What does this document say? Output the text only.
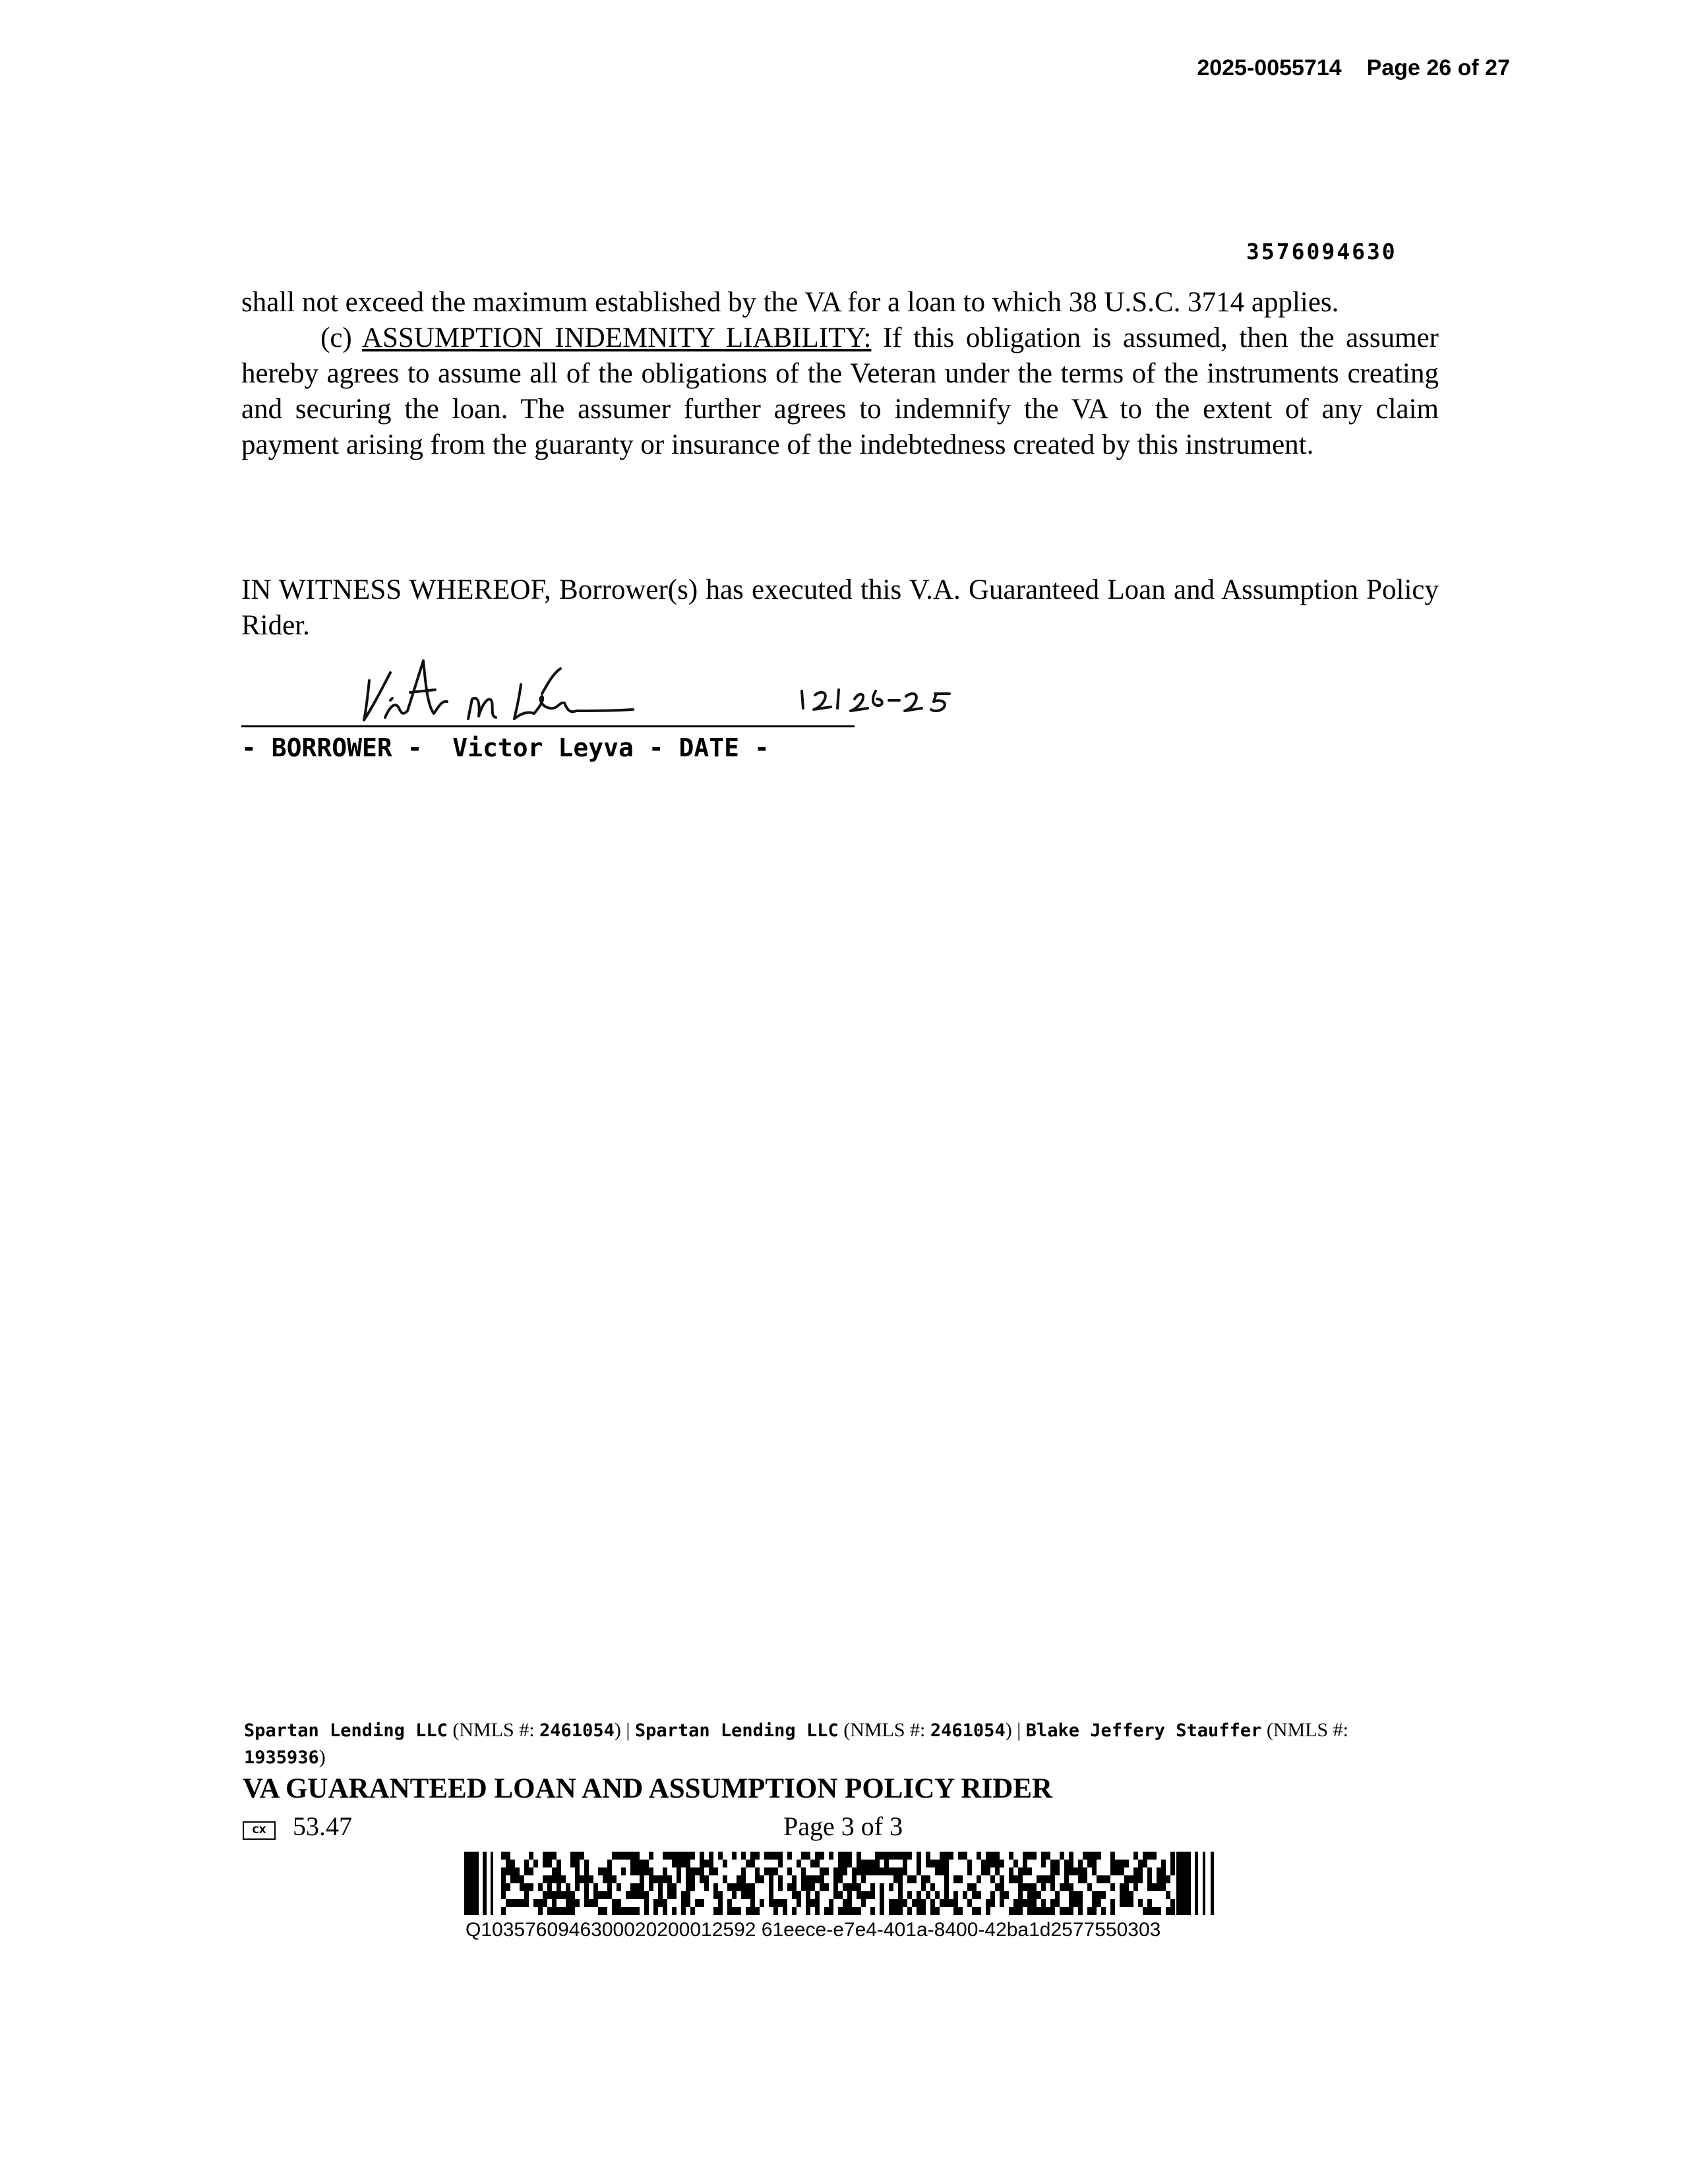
2025-0055714 Page 26 of 27
3576094630

shall not exceed the maximum established by the VA for a loan to which 38 U.S.C. 3714 applies.

(c) ASSUMPTION INDEMNITY LIABILITY: If this obligation is assumed, then the assumer hereby agrees to assume all of the obligations of the Veteran under the terms of the instruments creating and securing the loan. The assumer further agrees to indemnify the VA to the extent of any claim payment arising from the guaranty or insurance of the indebtedness created by this instrument.

IN WITNESS WHEREOF, Borrower(s) has executed this V.A. Guaranteed Loan and Assumption Policy Rider.
- BORROWER -  Victor Leyva - DATE -
Spartan Lending LLC (NMLS #: 2461054) | Spartan Lending LLC (NMLS #: 2461054) | Blake Jeffery Stauffer (NMLS #: 1935936)
VA GUARANTEED LOAN AND ASSUMPTION POLICY RIDER
CX	53.47	Page 3 of 3
Q1035760946300020200012592 61eece-e7e4-401a-8400-42ba1d2577550303
